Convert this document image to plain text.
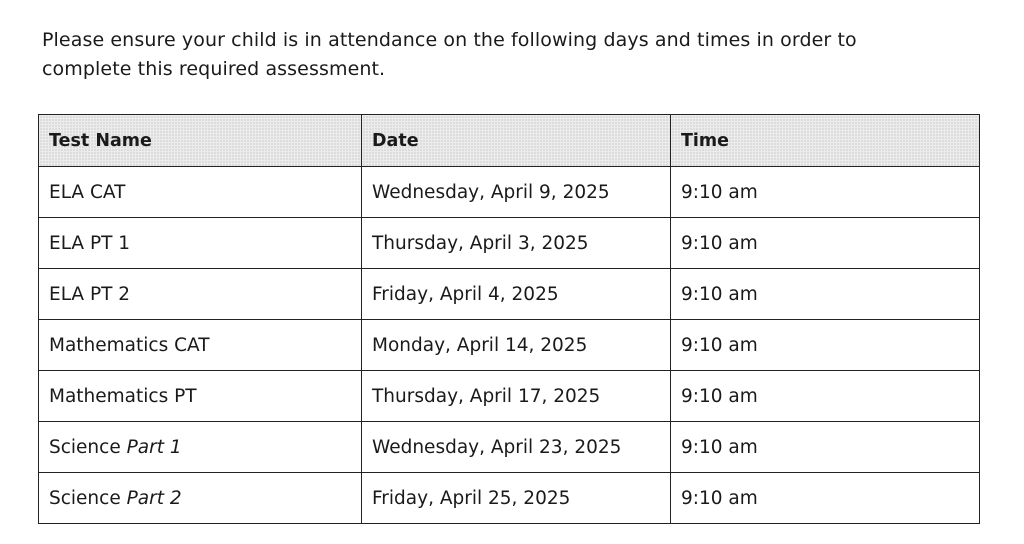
Please ensure your child is in attendance on the following days and times in order to
complete this required assessment.

Test Name	Date	Time
ELA CAT	Wednesday, April 9, 2025	9:10 am
ELA PT 1	Thursday, April 3, 2025	9:10 am
ELA PT 2	Friday, April 4, 2025	9:10 am
Mathematics CAT	Monday, April 14, 2025	9:10 am
Mathematics PT	Thursday, April 17, 2025	9:10 am
Science Part 1	Wednesday, April 23, 2025	9:10 am
Science Part 2	Friday, April 25, 2025	9:10 am
